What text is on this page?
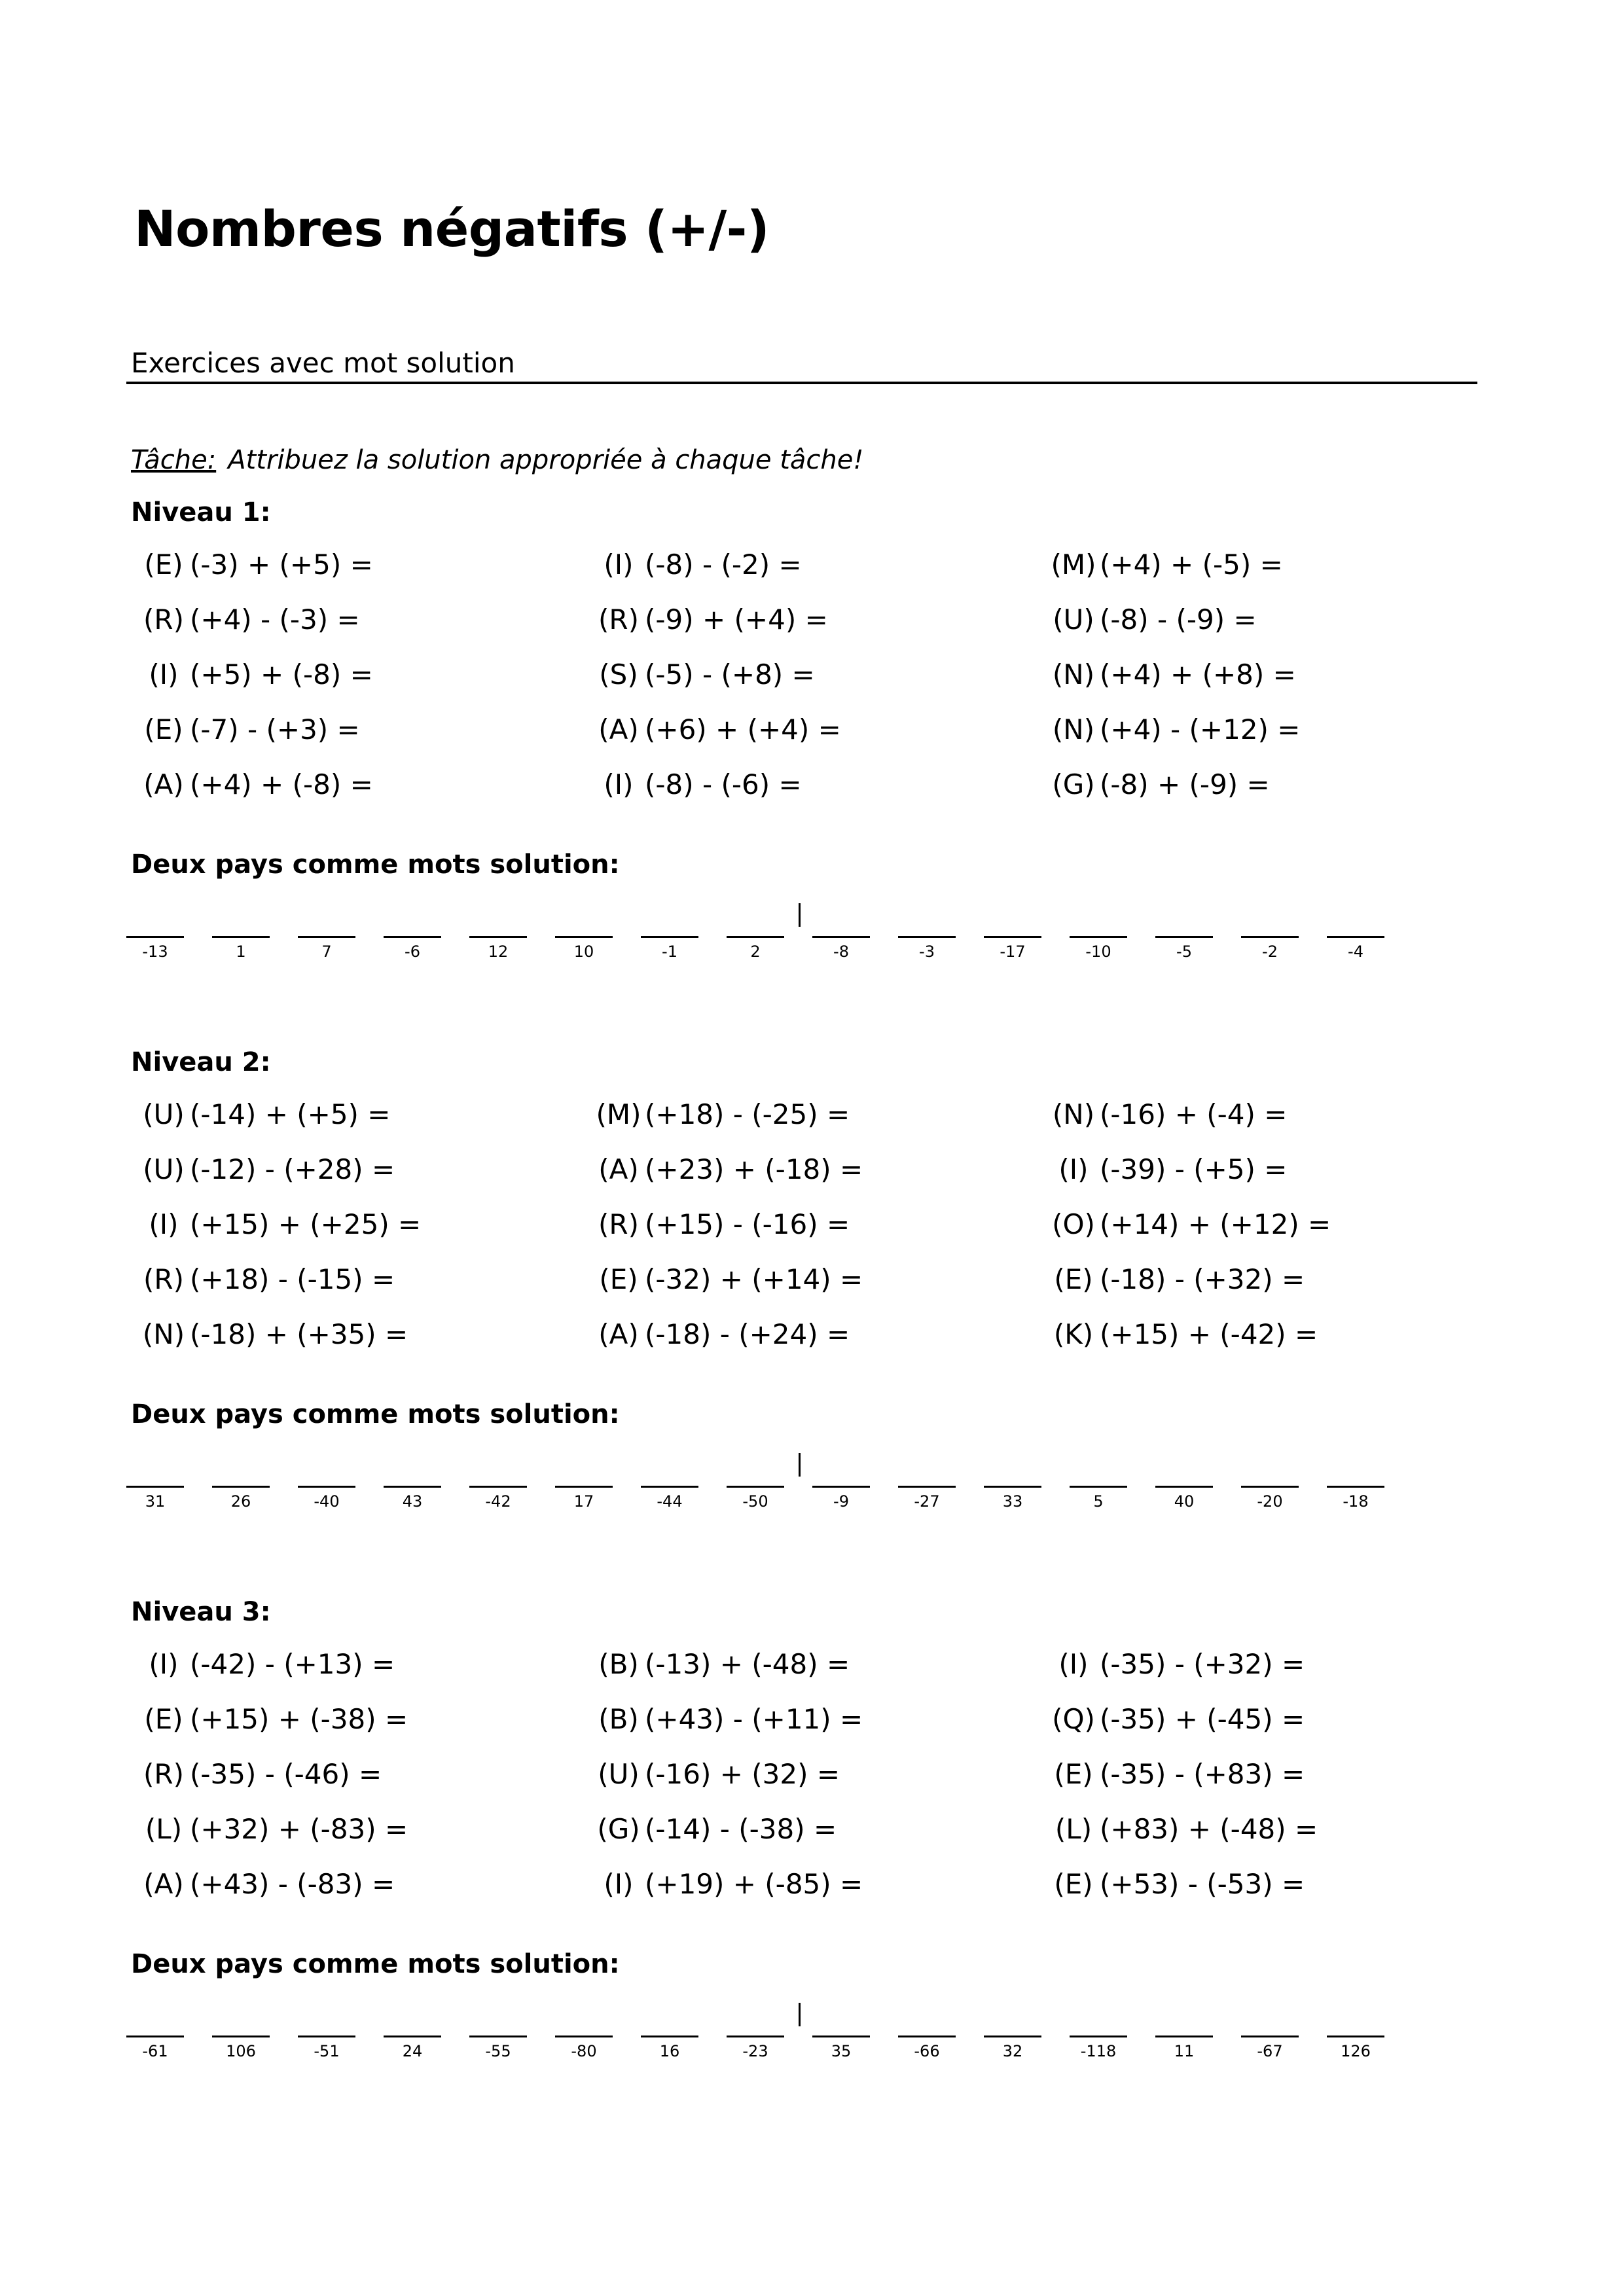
Nombres négatifs (+/-)
Exercices avec mot solution
Tâche: Attribuez la solution appropriée à chaque tâche!
Niveau 1:
(E) (-3) + (+5) =	(I) (-8) - (-2) =	(M) (+4) + (-5) =
(R) (+4) - (-3) =	(R) (-9) + (+4) =	(U) (-8) - (-9) =
(I) (+5) + (-8) =	(S) (-5) - (+8) =	(N) (+4) + (+8) =
(E) (-7) - (+3) =	(A) (+6) + (+4) =	(N) (+4) - (+12) =
(A) (+4) + (-8) =	(I) (-8) - (-6) =	(G) (-8) + (-9) =
Deux pays comme mots solution:
-13	1	7	-6	12	10	-1	2	-8	-3	-17	-10	-5	-2	-4
Niveau 2:
(U) (-14) + (+5) =	(M) (+18) - (-25) =	(N) (-16) + (-4) =
(U) (-12) - (+28) =	(A) (+23) + (-18) =	(I) (-39) - (+5) =
(I) (+15) + (+25) =	(R) (+15) - (-16) =	(O) (+14) + (+12) =
(R) (+18) - (-15) =	(E) (-32) + (+14) =	(E) (-18) - (+32) =
(N) (-18) + (+35) =	(A) (-18) - (+24) =	(K) (+15) + (-42) =
Deux pays comme mots solution:
31	26	-40	43	-42	17	-44	-50	-9	-27	33	5	40	-20	-18
Niveau 3:
(I) (-42) - (+13) =	(B) (-13) + (-48) =	(I) (-35) - (+32) =
(E) (+15) + (-38) =	(B) (+43) - (+11) =	(Q) (-35) + (-45) =
(R) (-35) - (-46) =	(U) (-16) + (32) =	(E) (-35) - (+83) =
(L) (+32) + (-83) =	(G) (-14) - (-38) =	(L) (+83) + (-48) =
(A) (+43) - (-83) =	(I) (+19) + (-85) =	(E) (+53) - (-53) =
Deux pays comme mots solution:
-61	106	-51	24	-55	-80	16	-23	35	-66	32	-118	11	-67	126
